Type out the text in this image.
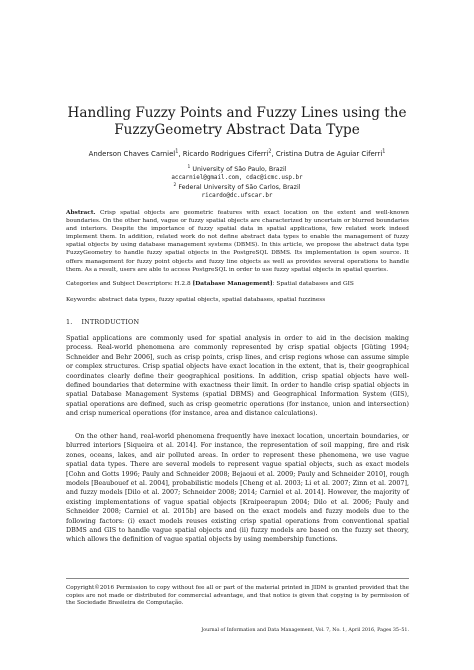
Handling Fuzzy Points and Fuzzy Lines using the
FuzzyGeometry Abstract Data Type
Anderson Chaves Carniel$^1$, Ricardo Rodrigues Ciferri$^2$, Cristina Dutra de Aguiar Ciferri$^1$
$^1$ University of São Paulo, Brazil
accarniel@gmail.com, cdac@icmc.usp.br
$^2$ Federal University of São Carlos, Brazil
ricardo@dc.ufscar.br
Abstract. Crisp spatial objects are geometric features with exact location on the extent and well-known boundaries. On the other hand, vague or fuzzy spatial objects are characterized by uncertain or blurred boundaries and interiors. Despite the importance of fuzzy spatial data in spatial applications, few related work indeed implement them. In addition, related work do not define abstract data types to enable the management of fuzzy spatial objects by using database management systems (DBMS). In this article, we propose the abstract data type FuzzyGeometry to handle fuzzy spatial objects in the PostgreSQL DBMS. Its implementation is open source. It offers management for fuzzy point objects and fuzzy line objects as well as provides several operations to handle them. As a result, users are able to access PostgreSQL in order to use fuzzy spatial objects in spatial queries.
Categories and Subject Descriptors: H.2.8 [Database Management]: Spatial databases and GIS
Keywords: abstract data types, fuzzy spatial objects, spatial databases, spatial fuzziness
1. INTRODUCTION
Spatial applications are commonly used for spatial analysis in order to aid in the decision making process. Real-world phenomena are commonly represented by crisp spatial objects [Güting 1994; Schneider and Behr 2006], such as crisp points, crisp lines, and crisp regions whose can assume simple or complex structures. Crisp spatial objects have exact location in the extent, that is, their geographical coordinates clearly define their geographical positions. In addition, crisp spatial objects have well-defined boundaries that determine with exactness their limit. In order to handle crisp spatial objects in spatial Database Management Systems (spatial DBMS) and Geographical Information System (GIS), spatial operations are defined, such as crisp geometric operations (for instance, union and intersection) and crisp numerical operations (for instance, area and distance calculations).
On the other hand, real-world phenomena frequently have inexact location, uncertain boundaries, or blurred interiors [Siqueira et al. 2014]. For instance, the representation of soil mapping, fire and risk zones, oceans, lakes, and air polluted areas. In order to represent these phenomena, we use vague spatial data types. There are several models to represent vague spatial objects, such as exact models [Cohn and Gotts 1996; Pauly and Schneider 2008; Bejaoui et al. 2009; Pauly and Schneider 2010], rough models [Beaubouef et al. 2004], probabilistic models [Cheng et al. 2003; Li et al. 2007; Zinn et al. 2007], and fuzzy models [Dilo et al. 2007; Schneider 2008; 2014; Carniel et al. 2014]. However, the majority of existing implementations of vague spatial objects [Kraipeerapun 2004; Dilo et al. 2006; Pauly and Schneider 2008; Carniel et al. 2015b] are based on the exact models and fuzzy models due to the following factors: (i) exact models reuses existing crisp spatial operations from conventional spatial DBMS and GIS to handle vague spatial objects and (ii) fuzzy models are based on the fuzzy set theory, which allows the definition of vague spatial objects by using membership functions.
Copyright©2016 Permission to copy without fee all or part of the material printed in JIDM is granted provided that the copies are not made or distributed for commercial advantage, and that notice is given that copying is by permission of the Sociedade Brasileira de Computação.
Journal of Information and Data Management, Vol. 7, No. 1, April 2016, Pages 35–51.
